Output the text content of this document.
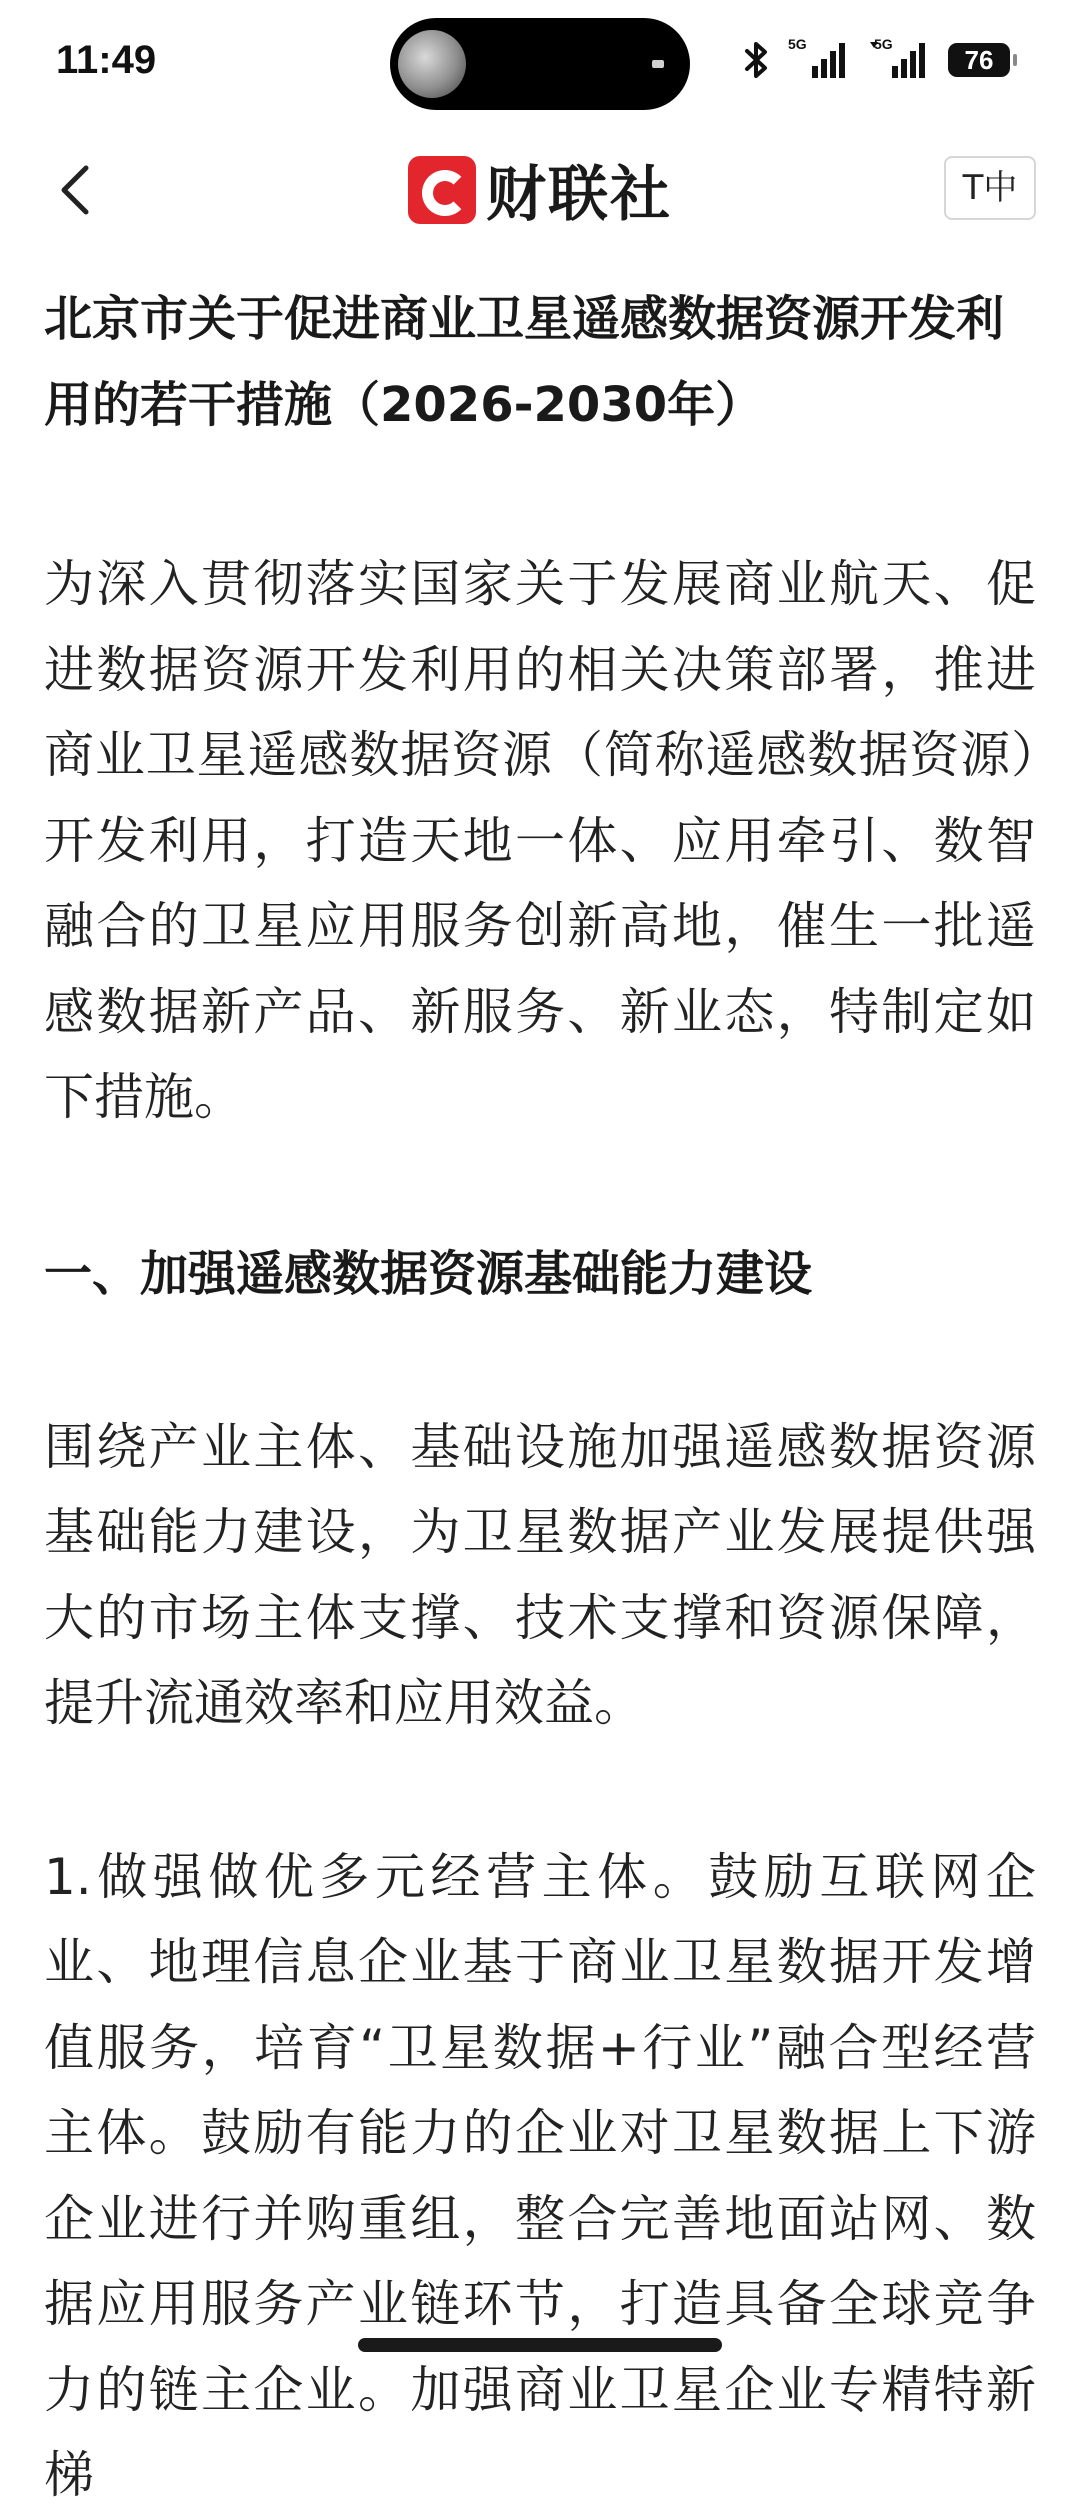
11:49	5G	5G
76
财联社	T中
北京市关于促进商业卫星遥感数据资源开发利用的若干措施（2026-2030年）

为深入贯彻落实国家关于发展商业航天、促进数据资源开发利用的相关决策部署，推进商业卫星遥感数据资源（简称遥感数据资源）开发利用，打造天地一体、应用牵引、数智融合的卫星应用服务创新高地，催生一批遥感数据新产品、新服务、新业态，特制定如下措施。

一、加强遥感数据资源基础能力建设

围绕产业主体、基础设施加强遥感数据资源基础能力建设，为卫星数据产业发展提供强大的市场主体支撑、技术支撑和资源保障，提升流通效率和应用效益。

1.做强做优多元经营主体。鼓励互联网企业、地理信息企业基于商业卫星数据开发增值服务，培育“卫星数据+行业”融合型经营主体。鼓励有能力的企业对卫星数据上下游企业进行并购重组，整合完善地面站网、数据应用服务产业链环节，打造具备全球竞争力的链主企业。加强商业卫星企业专精特新梯
